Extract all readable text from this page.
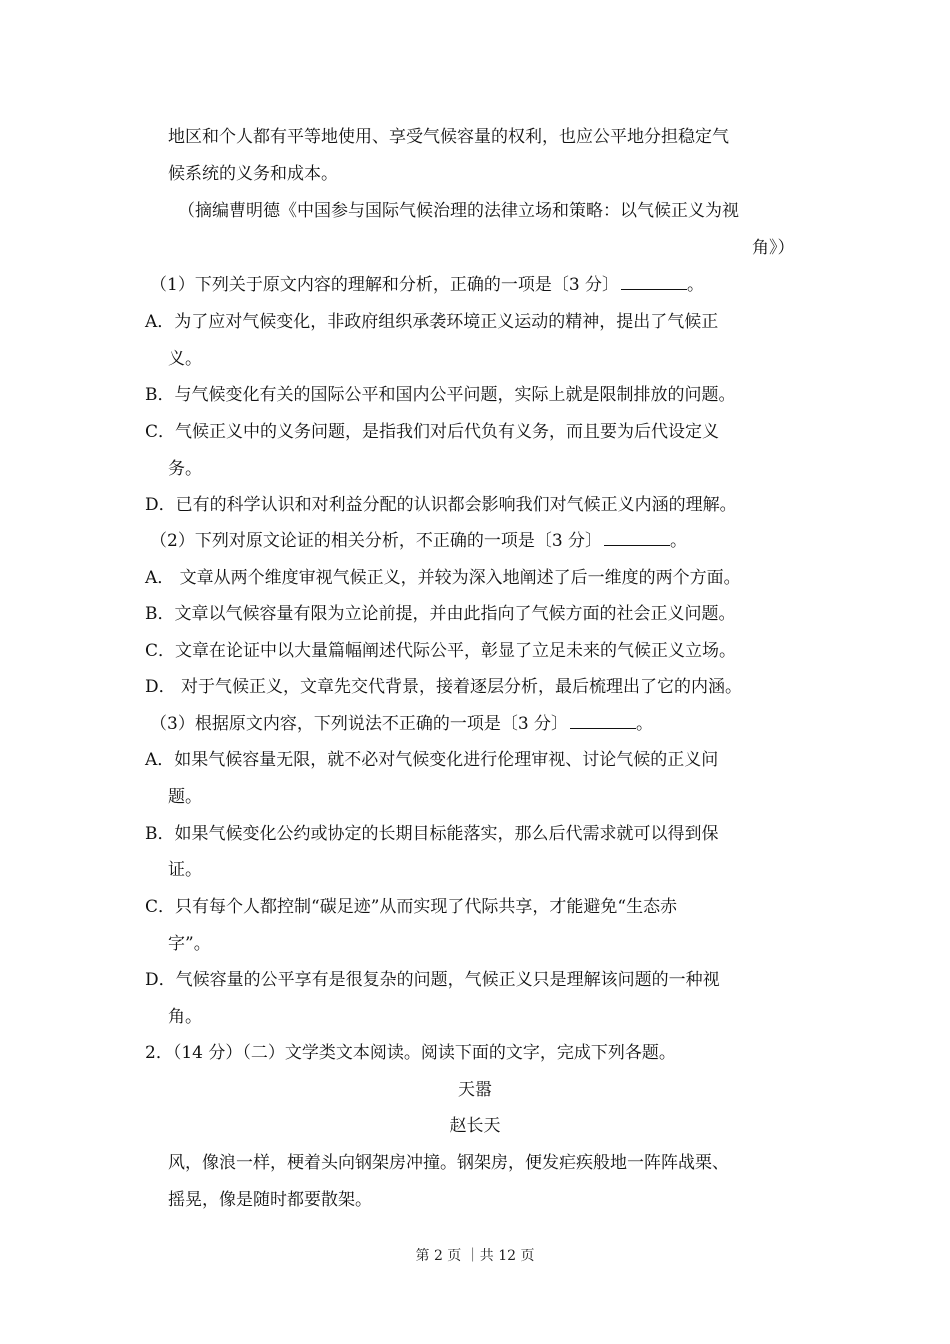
地区和个人都有平等地使用、享受气候容量的权利，也应公平地分担稳定气
候系统的义务和成本。
（摘编曹明德《中国参与国际气候治理的法律立场和策略：以气候正义为视
角》）
（1）下列关于原文内容的理解和分析，正确的一项是〔3 分〕	。
A．为了应对气候变化，非政府组织承袭环境正义运动的精神，提出了气候正
义。
B．与气候变化有关的国际公平和国内公平问题，实际上就是限制排放的问题。
C．气候正义中的义务问题，是指我们对后代负有义务，而且要为后代设定义
务。
D．已有的科学认识和对利益分配的认识都会影响我们对气候正义内涵的理解。
（2）下列对原文论证的相关分析，不正确的一项是〔3 分〕	。
A． 文章从两个维度审视气候正义，并较为深入地阐述了后一维度的两个方面。
B．文章以气候容量有限为立论前提，并由此指向了气候方面的社会正义问题。
C．文章在论证中以大量篇幅阐述代际公平，彰显了立足未来的气候正义立场。
D． 对于气候正义，文章先交代背景，接着逐层分析，最后梳理出了它的内涵。
（3）根据原文内容，下列说法不正确的一项是〔3 分〕	。
A．如果气候容量无限，就不必对气候变化进行伦理审视、讨论气候的正义问
题。
B．如果气候变化公约或协定的长期目标能落实，那么后代需求就可以得到保
证。
C．只有每个人都控制“碳足迹”从而实现了代际共享，才能避免“生态赤
字”。
D．气候容量的公平享有是很复杂的问题，气候正义只是理解该问题的一种视
角。
2．（14 分）（二）文学类文本阅读。阅读下面的文字，完成下列各题。
天嚣
赵长天
风，像浪一样，梗着头向钢架房冲撞。钢架房，便发疟疾般地一阵阵战栗、
摇晃，像是随时都要散架。
第 2 页 ｜共 12 页
